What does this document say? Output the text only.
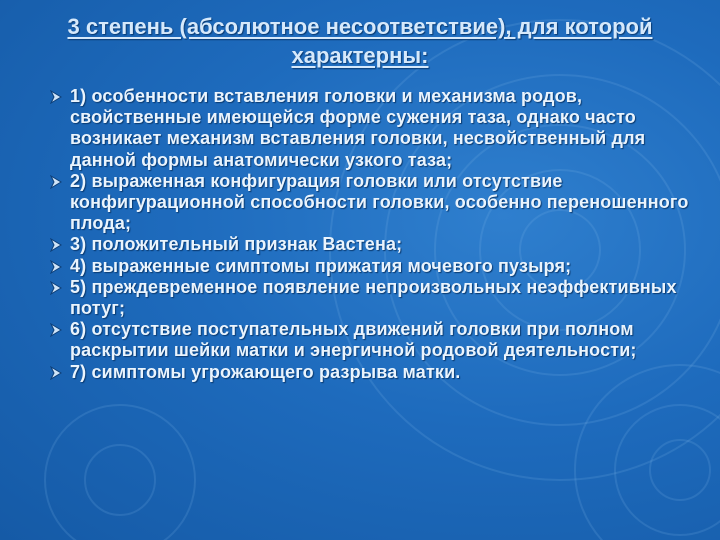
3 степень (абсолютное несоответствие), для которой характерны:
1) особенности вставления головки и механизма родов, свойственные имеющейся форме сужения таза, однако часто возникает механизм вставления головки, несвойственный для данной формы анатомически узкого таза;
2) выраженная конфигурация головки или отсутствие конфигурационной способности головки, особенно переношенного плода;
3) положительный признак Вастена;
4) выраженные симптомы прижатия мочевого пузыря;
5) преждевременное появление непроизвольных неэффективных потуг;
6) отсутствие поступательных движений головки при полном раскрытии шейки матки и энергичной родовой деятельности;
7) симптомы угрожающего разрыва матки.
